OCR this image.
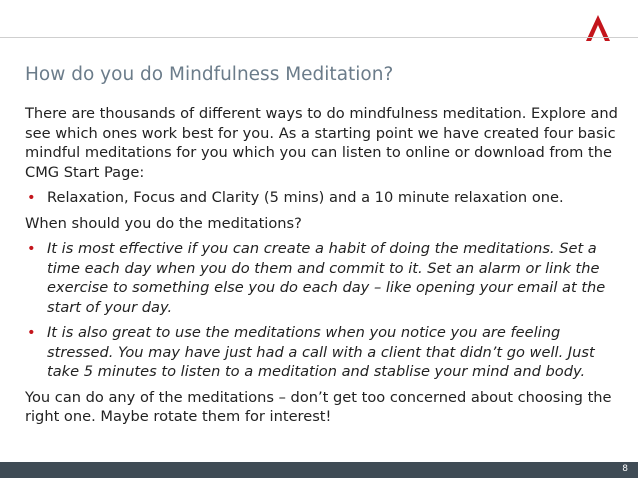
How do you do Mindfulness Meditation?

There are thousands of different ways to do mindfulness meditation. Explore and see which ones work best for you. As a starting point we have created four basic mindful meditations for you which you can listen to online or download from the CMG Start Page:

• Relaxation, Focus and Clarity (5 mins) and a 10 minute relaxation one.

When should you do the meditations?

• It is most effective if you can create a habit of doing the meditations. Set a time each day when you do them and commit to it. Set an alarm or link the exercise to something else you do each day – like opening your email at the start of your day.
• It is also great to use the meditations when you notice you are feeling stressed. You may have just had a call with a client that didn’t go well. Just take 5 minutes to listen to a meditation and stablise your mind and body.

You can do any of the meditations – don’t get too concerned about choosing the right one. Maybe rotate them for interest!

8
